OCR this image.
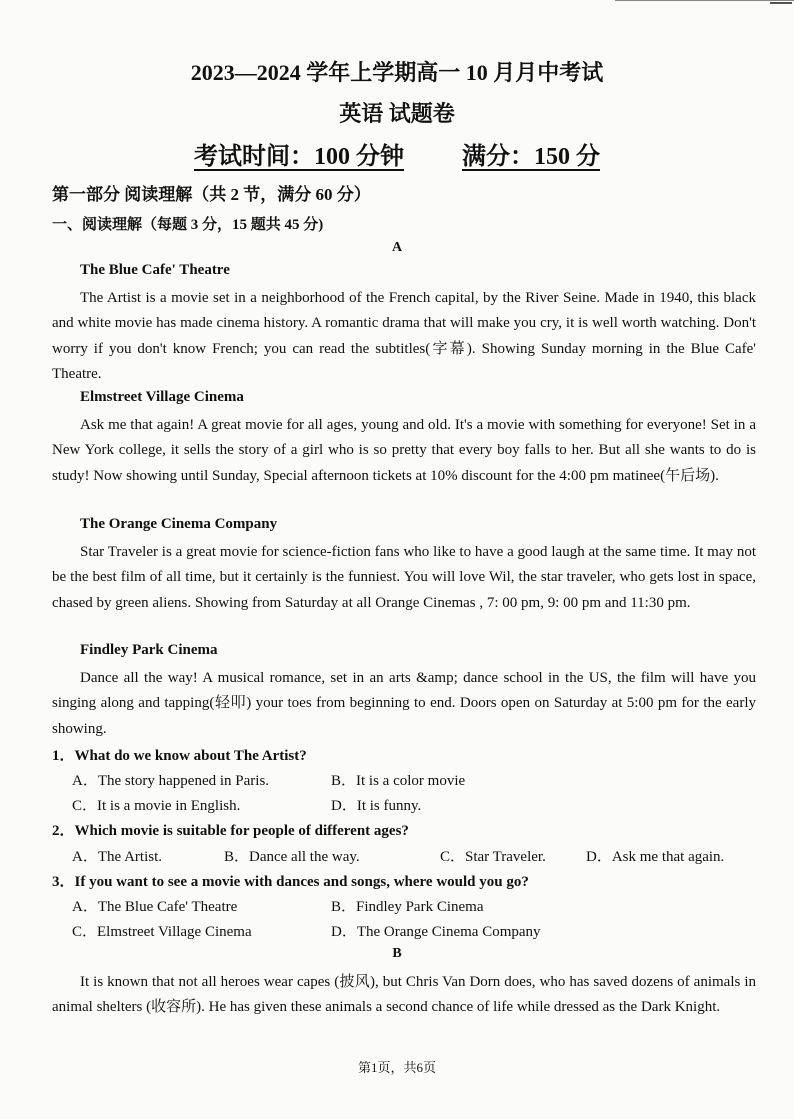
2023—2024 学年上学期高一 10 月月中考试
英语 试题卷
考试时间：100 分钟 满分：150 分
第一部分 阅读理解（共 2 节，满分 60 分）
一、阅读理解（每题 3 分，15 题共 45 分)
A
The Blue Cafe' Theatre
The Artist is a movie set in a neighborhood of the French capital, by the River Seine. Made in 1940, this black and white movie has made cinema history. A romantic drama that will make you cry, it is well worth watching. Don't worry if you don't know French; you can read the subtitles(字幕). Showing Sunday morning in the Blue Cafe' Theatre.
Elmstreet Village Cinema
Ask me that again! A great movie for all ages, young and old. It's a movie with something for everyone! Set in a New York college, it sells the story of a girl who is so pretty that every boy falls to her. But all she wants to do is study! Now showing until Sunday, Special afternoon tickets at 10% discount for the 4:00 pm matinee(午后场).
The Orange Cinema Company
Star Traveler is a great movie for science-fiction fans who like to have a good laugh at the same time. It may not be the best film of all time, but it certainly is the funniest. You will love Wil, the star traveler, who gets lost in space, chased by green aliens. Showing from Saturday at all Orange Cinemas , 7: 00 pm, 9: 00 pm and 11:30 pm.
Findley Park Cinema
Dance all the way! A musical romance, set in an arts &amp; dance school in the US, the film will have you singing along and tapping(轻叩) your toes from beginning to end. Doors open on Saturday at 5:00 pm for the early showing.
1．What do we know about The Artist?
A．The story happened in Paris.	B．It is a color movie
C．It is a movie in English.	D．It is funny.
2．Which movie is suitable for people of different ages?
A．The Artist.	B．Dance all the way.	C．Star Traveler.	D．Ask me that again.
3．If you want to see a movie with dances and songs, where would you go?
A．The Blue Cafe' Theatre	B．Findley Park Cinema
C．Elmstreet Village Cinema	D．The Orange Cinema Company
B
It is known that not all heroes wear capes (披风), but Chris Van Dorn does, who has saved dozens of animals in animal shelters (收容所). He has given these animals a second chance of life while dressed as the Dark Knight.
第1页，共6页
